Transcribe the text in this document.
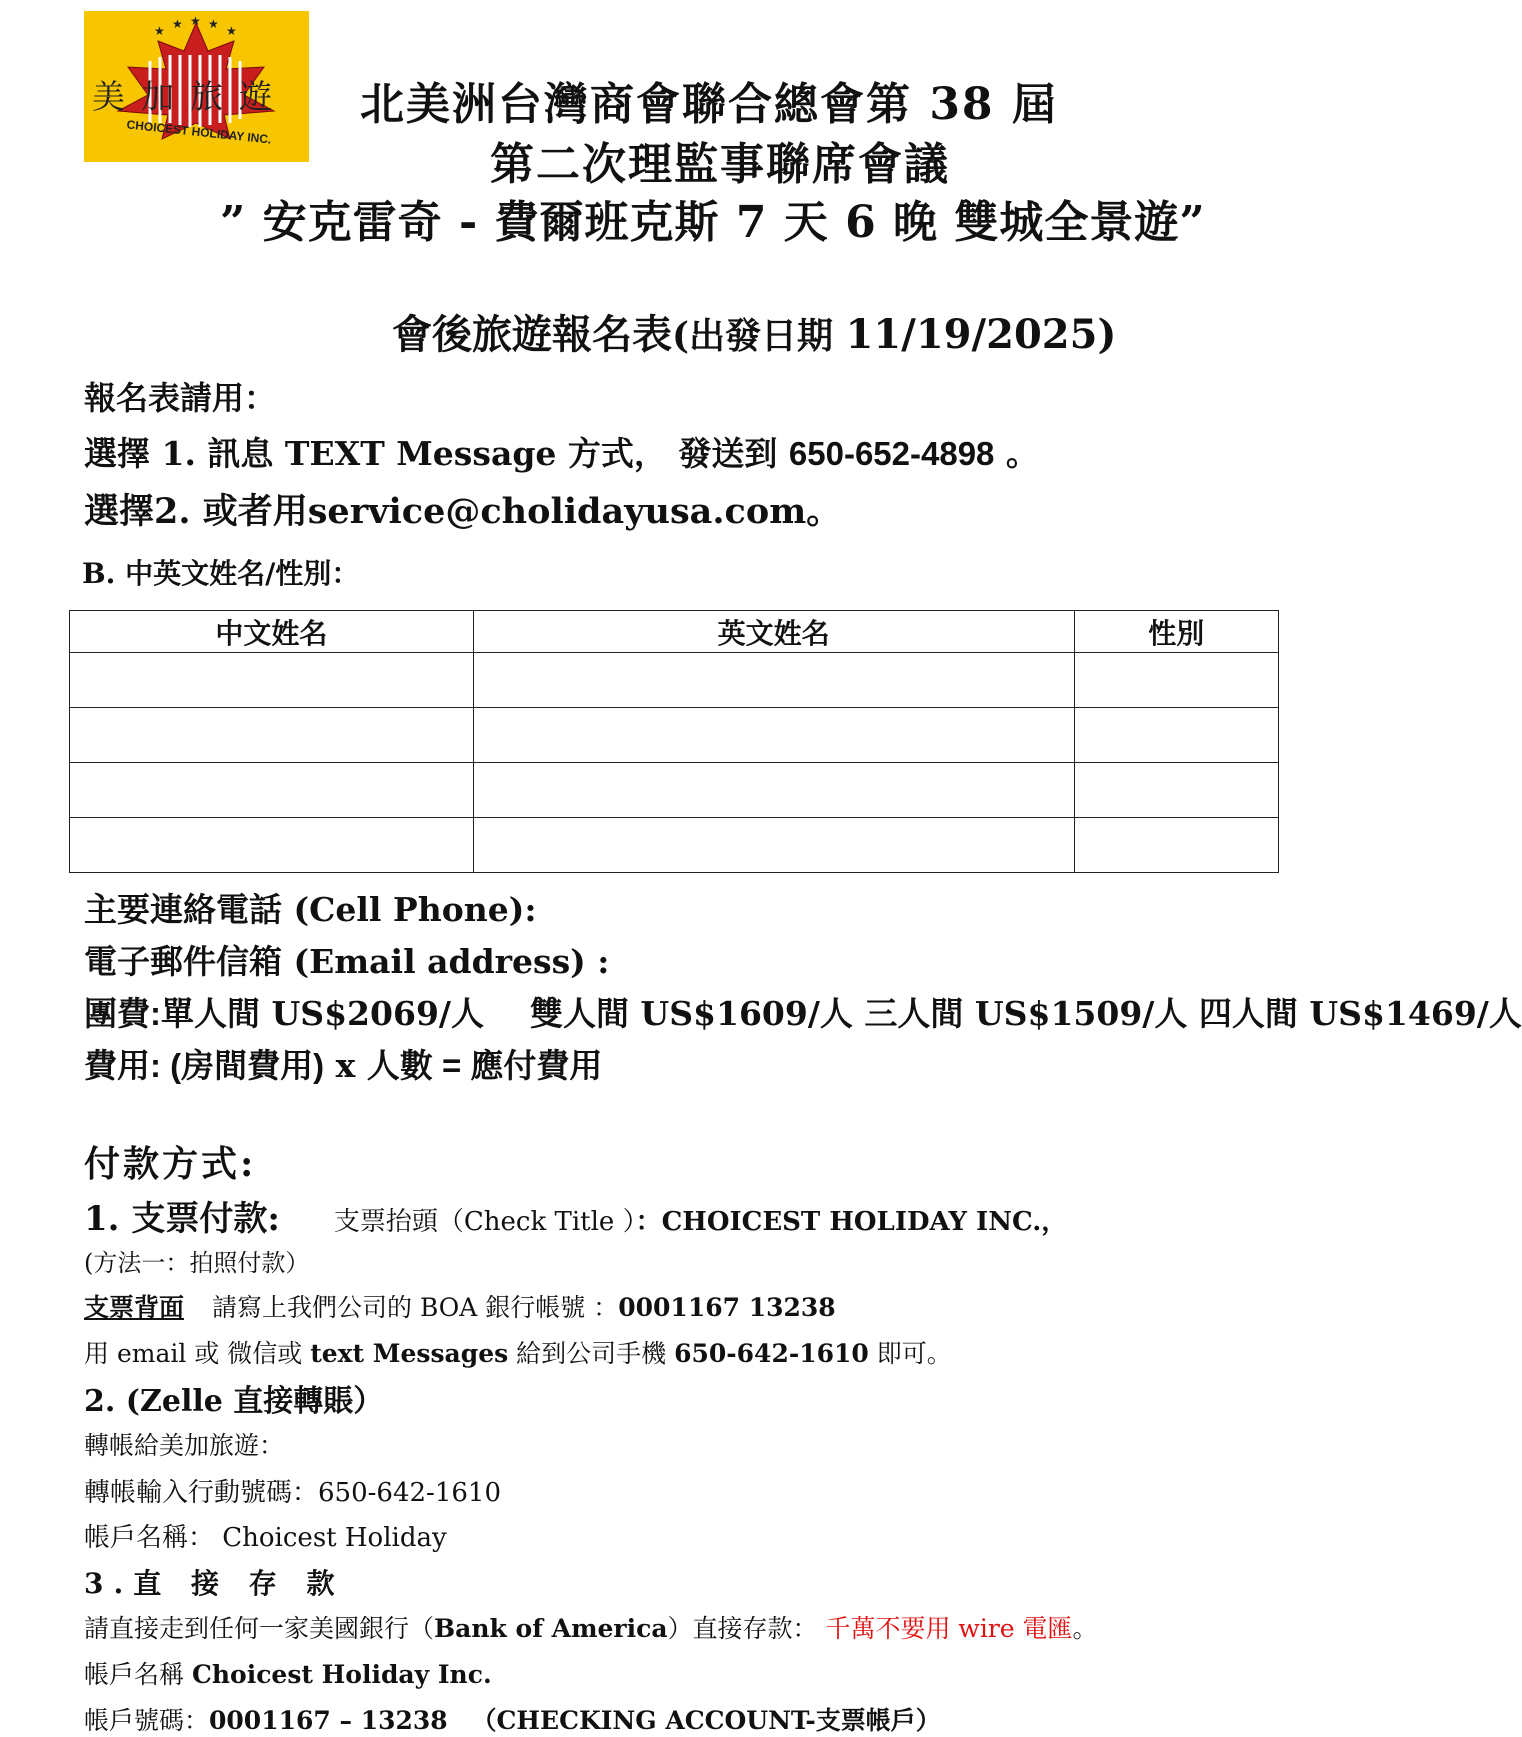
★ ★ ★ ★ ★
美加旅遊
CHOICEST HOLIDAY INC.
北美洲台灣商會聯合總會第 38 屆
第二次理監事聯席會議
” 安克雷奇 - 費爾班克斯 7 天 6 晚 雙城全景遊”
會後旅遊報名表(出發日期 11/19/2025)
報名表請用：
選擇 1. 訊息 TEXT Message 方式， 發送到 650-652-4898 。
選擇2. 或者用service@cholidayusa.com。
B. 中英文姓名/性別：
中文姓名	英文姓名	性別

主要連絡電話 (Cell Phone):
電子郵件信箱 (Email address) :
團費:單人間 US$2069/人 雙人間 US$1609/人 三人間 US$1509/人 四人間 US$1469/人
費用: (房間費用) x 人數 = 應付費用
付款方式:
1. 支票付款: 支票抬頭（Check Title ）：CHOICEST HOLIDAY INC.，
(方法一：拍照付款）
支票背面 請寫上我們公司的 BOA 銀行帳號 ：0001167 13238
用 email 或 微信或 text Messages 給到公司手機 650-642-1610 即可。
2. (Zelle 直接轉賬）
轉帳給美加旅遊：
轉帳輸入行動號碼：650-642-1610
帳戶名稱： Choicest Holiday
3.直 接 存 款
請直接走到任何一家美國銀行（Bank of America）直接存款： 千萬不要用 wire 電匯。
帳戶名稱 Choicest Holiday Inc.
帳戶號碼：0001167 – 13238 （CHECKING ACCOUNT-支票帳戶）
